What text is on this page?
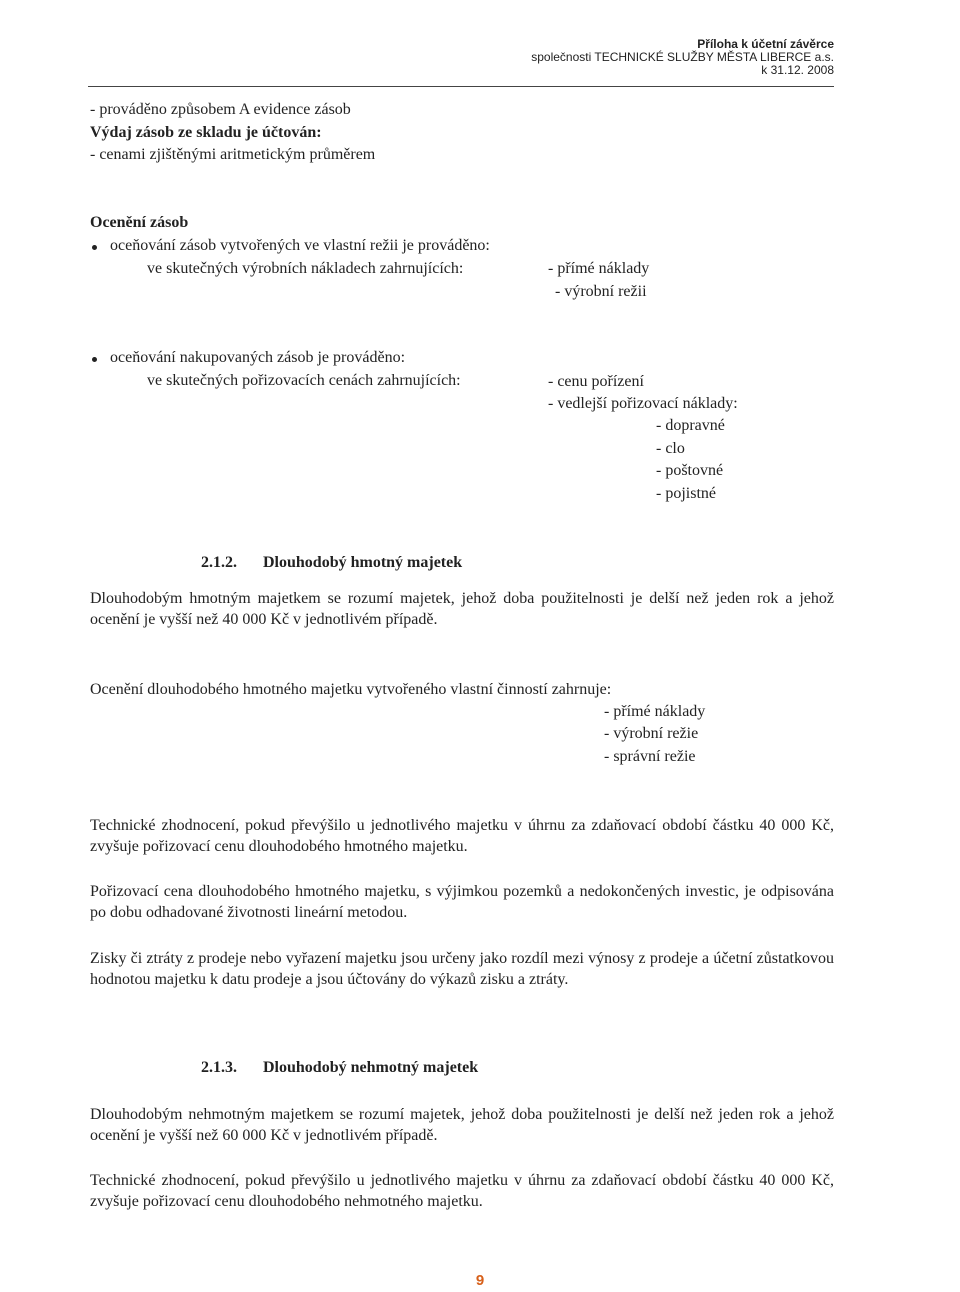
Příloha k účetní závěrce
společnosti TECHNICKÉ SLUŽBY MĚSTA LIBERCE a.s.
k 31.12. 2008
- prováděno způsobem A evidence zásob
Výdaj zásob ze skladu je účtován:
- cenami zjištěnými aritmetickým průměrem
Ocenění zásob
oceňování zásob vytvořených ve vlastní režii je prováděno:
ve skutečných výrobních nákladech zahrnujících:	- přímé náklady
- výrobní režii
oceňování nakupovaných zásob je prováděno:
ve skutečných pořizovacích cenách zahrnujících:	- cenu pořízení
- vedlejší pořizovací náklady:
- dopravné
- clo
- poštovné
- pojistné
2.1.2. Dlouhodobý hmotný majetek
Dlouhodobým hmotným majetkem se rozumí majetek, jehož doba použitelnosti je delší než jeden rok a jehož ocenění je vyšší než 40 000 Kč v jednotlivém případě.
Ocenění dlouhodobého hmotného majetku vytvořeného vlastní činností zahrnuje:
- přímé náklady
- výrobní režie
- správní režie
Technické zhodnocení, pokud převýšilo u jednotlivého majetku v úhrnu za zdaňovací období částku 40 000 Kč, zvyšuje pořizovací cenu dlouhodobého hmotného majetku.
Pořizovací cena dlouhodobého hmotného majetku, s výjimkou pozemků a nedokončených investic, je odpisována po dobu odhadované životnosti lineární metodou.
Zisky či ztráty z prodeje nebo vyřazení majetku jsou určeny jako rozdíl mezi výnosy z prodeje a účetní zůstatkovou hodnotou majetku k datu prodeje a jsou účtovány do výkazů zisku a ztráty.
2.1.3. Dlouhodobý nehmotný majetek
Dlouhodobým nehmotným majetkem se rozumí majetek, jehož doba použitelnosti je delší než jeden rok a jehož ocenění je vyšší než 60 000 Kč v jednotlivém případě.
Technické zhodnocení, pokud převýšilo u jednotlivého majetku v úhrnu za zdaňovací období částku 40 000 Kč, zvyšuje pořizovací cenu dlouhodobého nehmotného majetku.
9
